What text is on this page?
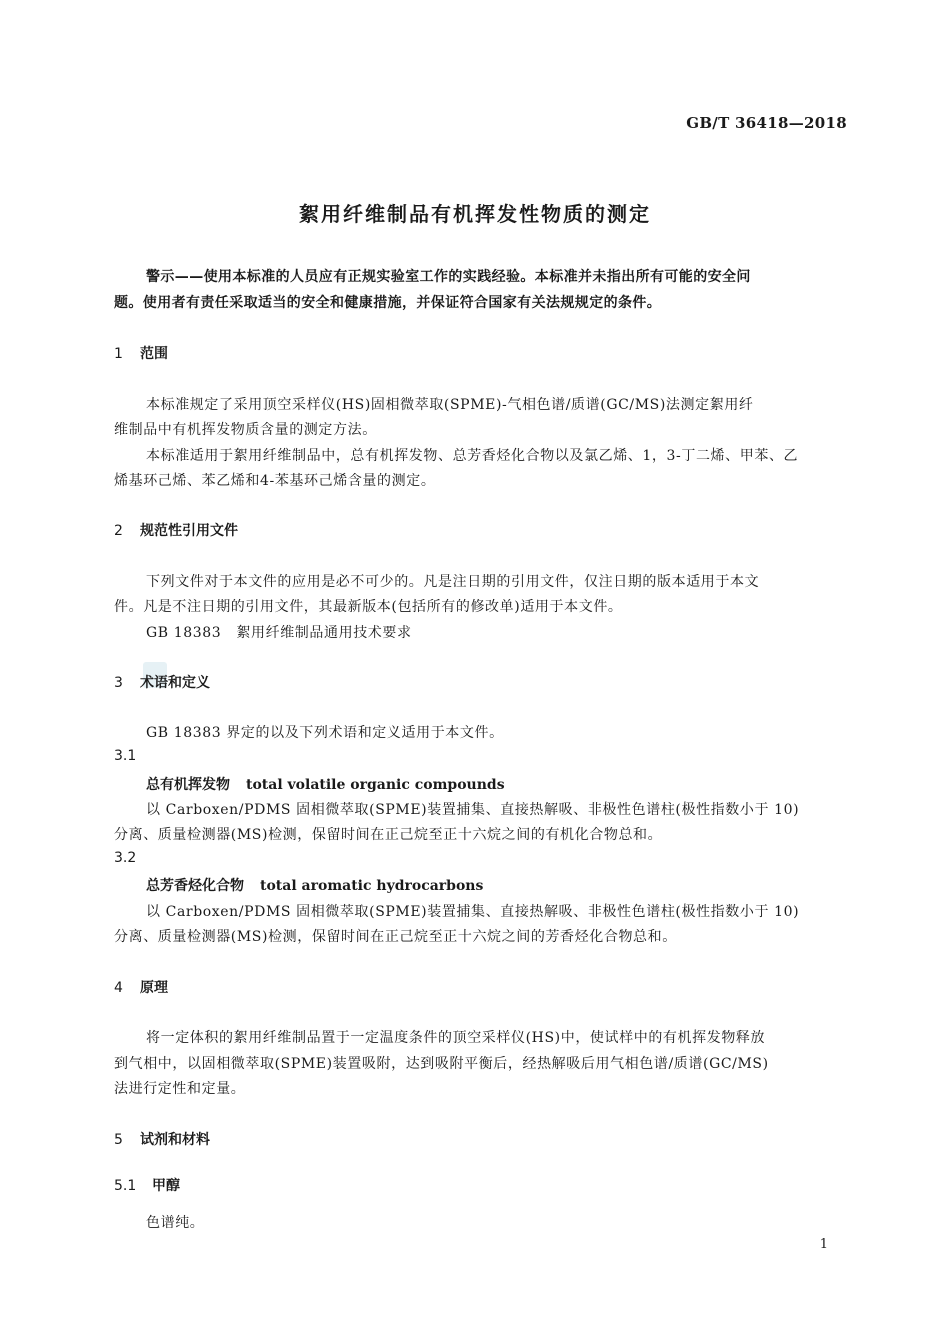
GB/T 36418—2018
絮用纤维制品有机挥发性物质的测定
警示——使用本标准的人员应有正规实验室工作的实践经验。本标准并未指出所有可能的安全问
题。使用者有责任采取适当的安全和健康措施，并保证符合国家有关法规规定的条件。
1 范围
本标准规定了采用顶空采样仪(HS)固相微萃取(SPME)-气相色谱/质谱(GC/MS)法测定絮用纤
维制品中有机挥发物质含量的测定方法。
本标准适用于絮用纤维制品中，总有机挥发物、总芳香烃化合物以及氯乙烯、1，3-丁二烯、甲苯、乙
烯基环己烯、苯乙烯和4-苯基环己烯含量的测定。
2 规范性引用文件
下列文件对于本文件的应用是必不可少的。凡是注日期的引用文件，仅注日期的版本适用于本文
件。凡是不注日期的引用文件，其最新版本(包括所有的修改单)适用于本文件。
GB 18383   絮用纤维制品通用技术要求
3 术语和定义
GB 18383 界定的以及下列术语和定义适用于本文件。
3.1
总有机挥发物 total volatile organic compounds
以 Carboxen/PDMS 固相微萃取(SPME)装置捕集、直接热解吸、非极性色谱柱(极性指数小于 10)
分离、质量检测器(MS)检测，保留时间在正己烷至正十六烷之间的有机化合物总和。
3.2
总芳香烃化合物 total aromatic hydrocarbons
以 Carboxen/PDMS 固相微萃取(SPME)装置捕集、直接热解吸、非极性色谱柱(极性指数小于 10)
分离、质量检测器(MS)检测，保留时间在正己烷至正十六烷之间的芳香烃化合物总和。
4 原理
将一定体积的絮用纤维制品置于一定温度条件的顶空采样仪(HS)中，使试样中的有机挥发物释放
到气相中，以固相微萃取(SPME)装置吸附，达到吸附平衡后，经热解吸后用气相色谱/质谱(GC/MS)
法进行定性和定量。
5 试剂和材料
5.1 甲醇
色谱纯。
1
